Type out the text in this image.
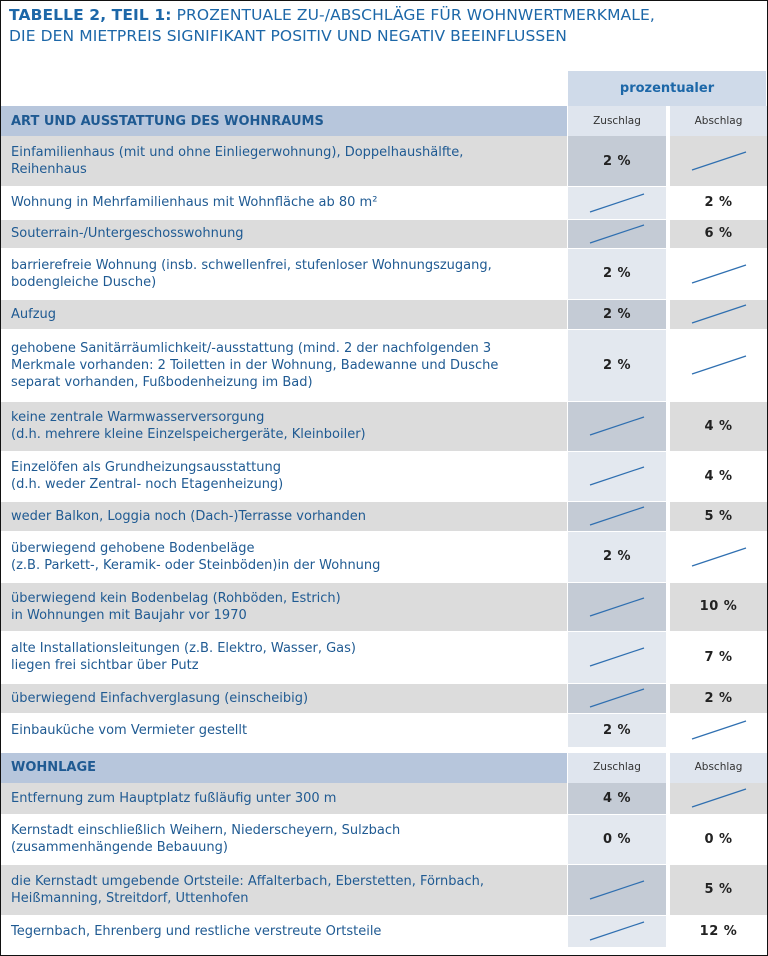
TABELLE 2, TEIL 1: PROZENTUALE ZU-/ABSCHLÄGE FÜR WOHNWERTMERKMALE,
DIE DEN MIETPREIS SIGNIFIKANT POSITIV UND NEGATIV BEEINFLUSSEN
prozentualer
ART UND AUSSTATTUNG DES WOHNRAUMS		Zuschlag		Abschlag
Einfamilienhaus (mit und ohne Einliegerwohnung), Doppelhaushälfte,
Reihenhaus		2 %		

Wohnung in Mehrfamilienhaus mit Wohnfläche ab 80 m²				2 %

Souterrain-/Untergeschosswohnung				6 %

barrierefreie Wohnung (insb. schwellenfrei, stufenloser Wohnungszugang,
bodengleiche Dusche)		2 %		

Aufzug		2 %		

gehobene Sanitärräumlichkeit/-ausstattung (mind. 2 der nachfolgenden 3
Merkmale vorhanden: 2 Toiletten in der Wohnung, Badewanne und Dusche
separat vorhanden, Fußbodenheizung im Bad)		2 %		

keine zentrale Warmwasserversorgung
(d.h. mehrere kleine Einzelspeichergeräte, Kleinboiler)				4 %

Einzelöfen als Grundheizungsausstattung
(d.h. weder Zentral- noch Etagenheizung)				4 %

weder Balkon, Loggia noch (Dach-)Terrasse vorhanden				5 %

überwiegend gehobene Bodenbeläge
(z.B. Parkett-, Keramik- oder Steinböden)in der Wohnung		2 %		

überwiegend kein Bodenbelag (Rohböden, Estrich)
in Wohnungen mit Baujahr vor 1970				10 %

alte Installationsleitungen (z.B. Elektro, Wasser, Gas)
liegen frei sichtbar über Putz				7 %

überwiegend Einfachverglasung (einscheibig)				2 %

Einbauküche vom Vermieter gestellt		2 %		

WOHNLAGE		Zuschlag		Abschlag
Entfernung zum Hauptplatz fußläufig unter 300 m		4 %		

Kernstadt einschließlich Weihern, Niederscheyern, Sulzbach
(zusammenhängende Bebauung)		0 %		0 %

die Kernstadt umgebende Ortsteile: Affalterbach, Eberstetten, Förnbach,
Heißmanning, Streitdorf, Uttenhofen				5 %

Tegernbach, Ehrenberg und restliche verstreute Ortsteile				12 %
